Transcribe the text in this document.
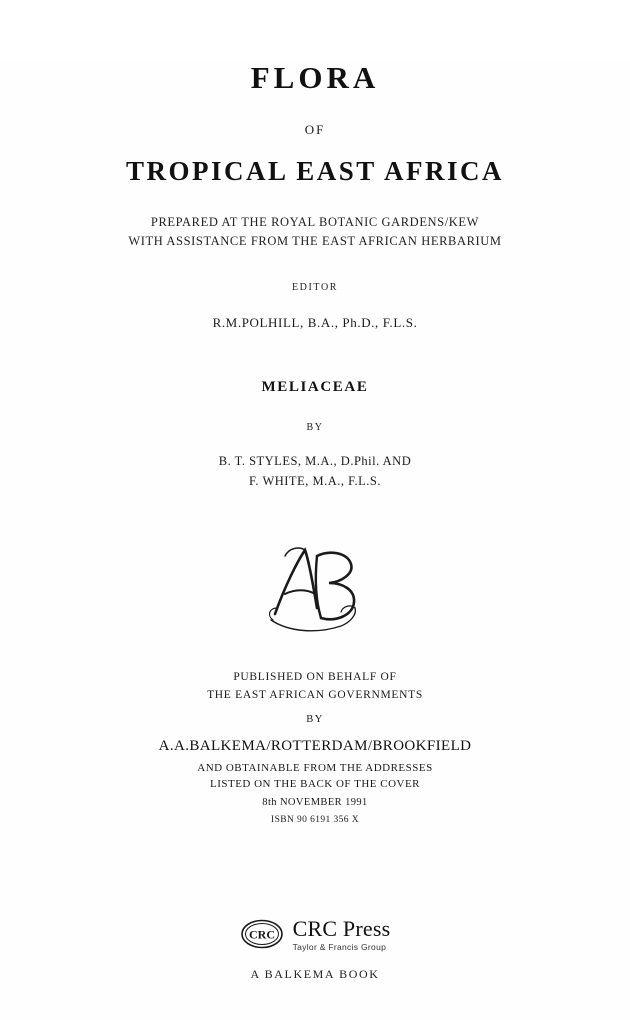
FLORA
OF
TROPICAL EAST AFRICA
PREPARED AT THE ROYAL BOTANIC GARDENS/KEW
WITH ASSISTANCE FROM THE EAST AFRICAN HERBARIUM
EDITOR
R.M.POLHILL, B.A., Ph.D., F.L.S.
MELIACEAE
BY
B. T. STYLES, M.A., D.Phil. AND
F. WHITE, M.A., F.L.S.
PUBLISHED ON BEHALF OF
THE EAST AFRICAN GOVERNMENTS
BY
A.A.BALKEMA/ROTTERDAM/BROOKFIELD
AND OBTAINABLE FROM THE ADDRESSES
LISTED ON THE BACK OF THE COVER
8th NOVEMBER 1991
ISBN 90 6191 356 X
CRC CRC Press
Taylor & Francis Group
A BALKEMA BOOK
